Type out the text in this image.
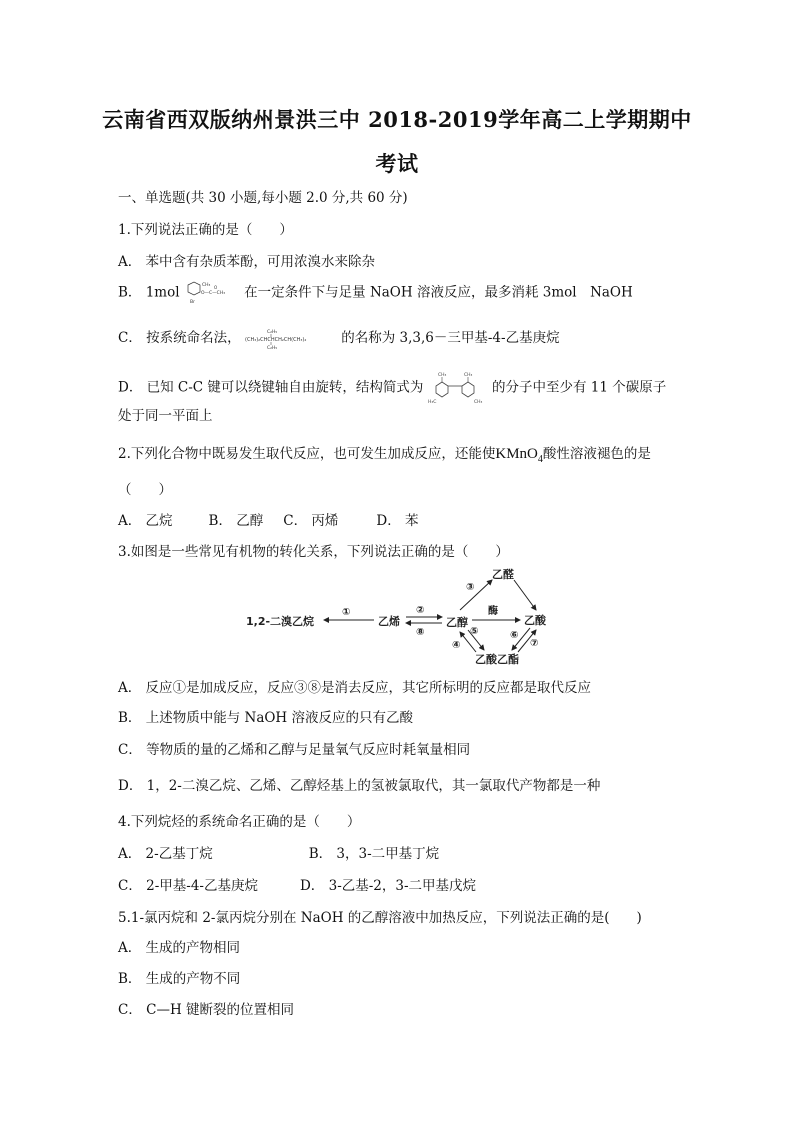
云南省西双版纳州景洪三中 2018-2019学年高二上学期期中
考试
一、单选题(共 30 小题,每小题 2.0 分,共 60 分)
1.下列说法正确的是（　　）
A． 苯中含有杂质苯酚，可用浓溴水来除杂
B． 1mol	CH₃
O—C—CH₃
O
Br
在一定条件下与足量 NaOH 溶液反应，最多消耗 3mol　NaOH
C． 按系统命名法，	C₂H₅
(CH₃)₂CHCHCH₂CH(CH₃)₂
C₂H₅
的名称为 3,3,6－三甲基-4-乙基庚烷
D． 已知 C-C 键可以绕键轴自由旋转，结构简式为
CH₃	CH₃
H₃C	CH₃
的分子中至少有 11 个碳原子
处于同一平面上
2.下列化合物中既易发生取代反应，也可发生加成反应，还能使KMnO$_4$酸性溶液褪色的是
（　　）
A． 乙烷	B． 乙醇 C． 丙烯	D． 苯
3.如图是一些常见有机物的转化关系，下列说法正确的是（　　）
1,2-二溴乙烷	乙烯	乙醇
乙醛
乙酸
乙酸乙酯
①	②
⑧
③
酶
⑤
④
⑥
⑦
A． 反应①是加成反应，反应③⑧是消去反应，其它所标明的反应都是取代反应
B． 上述物质中能与 NaOH 溶液反应的只有乙酸
C． 等物质的量的乙烯和乙醇与足量氧气反应时耗氧量相同
D． 1，2-二溴乙烷、乙烯、乙醇烃基上的氢被氯取代，其一氯取代产物都是一种
4.下列烷烃的系统命名正确的是（　　）
A． 2-乙基丁烷	B． 3，3-二甲基丁烷
C． 2-甲基-4-乙基庚烷	D． 3-乙基-2，3-二甲基戊烷
5.1-氯丙烷和 2-氯丙烷分别在 NaOH 的乙醇溶液中加热反应，下列说法正确的是(　　)
A． 生成的产物相同
B． 生成的产物不同
C． C—H 键断裂的位置相同
